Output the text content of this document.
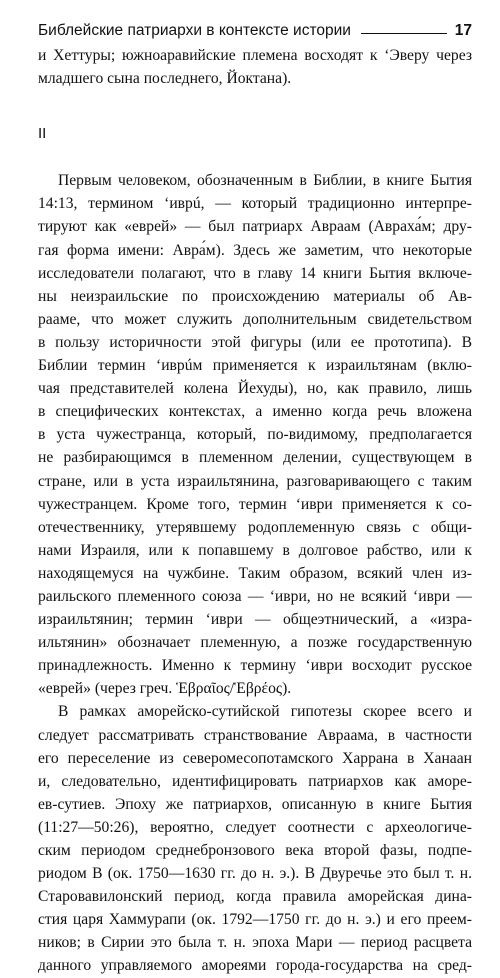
Библейские патриархи в контексте истории	17

и Хеттуры; южноаравийские племена восходят к ʻЭверу через
младшего сына последнего, Йоктана).

II

Первым человеком, обозначенным в Библии, в книге Бытия
14:13, термином ʻиврú, — который традиционно интерпре-
тируют как «еврей» — был патриарх Авраам (Авраха́м; дру-
гая форма имени: Авра́м). Здесь же заметим, что некоторые
исследователи полагают, что в главу 14 книги Бытия включе-
ны неизраильские по происхождению материалы об Ав-
рааме, что может служить дополнительным свидетельством
в пользу историчности этой фигуры (или ее прототипа). В
Библии термин ʻиврúм применяется к израильтянам (вклю-
чая представителей колена Йехуды), но, как правило, лишь
в специфических контекстах, а именно когда речь вложена
в уста чужестранца, который, по-видимому, предполагается
не разбирающимся в племенном делении, существующем в
стране, или в уста израильтянина, разговаривающего с таким
чужестранцем. Кроме того, термин ʻиври применяется к со-
отечественнику, утерявшему родоплеменную связь с общи-
нами Израиля, или к попавшему в долговое рабство, или к
находящемуся на чужбине. Таким образом, всякий член из-
раильского племенного союза — ʻиври, но не всякий ʻиври —
израильтянин; термин ʻиври — общеэтнический, а «изра-
ильтянин» обозначает племенную, а позже государственную
принадлежность. Именно к термину ʻиври восходит русское
«еврей» (через греч. Ἑβραῖος/Ἑβρέος).

В рамках аморейско-сутийской гипотезы скорее всего и
следует рассматривать странствование Авраама, в частности
его переселение из северомесопотамского Харрана в Ханаан
и, следовательно, идентифицировать патриархов как аморе-
ев-сутиев. Эпоху же патриархов, описанную в книге Бытия
(11:27—50:26), вероятно, следует соотнести с археологиче-
ским периодом среднебронзового века второй фазы, подпе-
риодом В (ок. 1750—1630 гг. до н. э.). В Двуречье это был т. н.
Старовавилонский период, когда правила аморейская дина-
стия царя Хаммурапи (ок. 1792—1750 гг. до н. э.) и его преем-
ников; в Сирии это была т. н. эпоха Мари — период расцвета
данного управляемого амореями города-государства на сред-
